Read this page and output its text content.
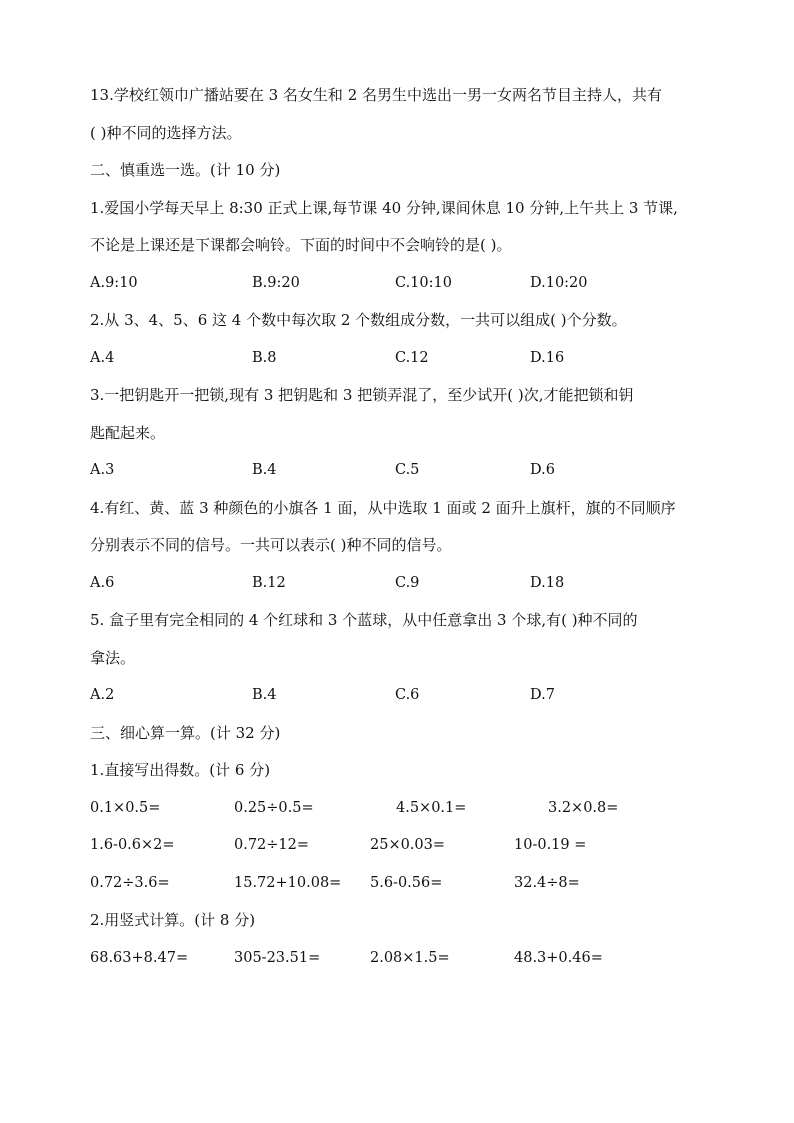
13.学校红领巾广播站要在 3 名女生和 2 名男生中选出一男一女两名节目主持人，共有
( )种不同的选择方法。
二、慎重选一选。(计 10 分)
1.爱国小学每天早上 8:30 正式上课,每节课 40 分钟,课间休息 10 分钟,上午共上 3 节课,
不论是上课还是下课都会响铃。下面的时间中不会响铃的是( )。
A.9:10	B.9:20	C.10:10	D.10:20
2.从 3、4、5、6 这 4 个数中每次取 2 个数组成分数，一共可以组成( )个分数。
A.4	B.8	C.12	D.16
3.一把钥匙开一把锁,现有 3 把钥匙和 3 把锁弄混了，至少试开( )次,才能把锁和钥
匙配起来。
A.3	B.4	C.5	D.6
4.有红、黄、蓝 3 种颜色的小旗各 1 面，从中选取 1 面或 2 面升上旗杆，旗的不同顺序
分别表示不同的信号。一共可以表示( )种不同的信号。
A.6	B.12	C.9	D.18
5. 盒子里有完全相同的 4 个红球和 3 个蓝球，从中任意拿出 3 个球,有( )种不同的
拿法。
A.2	B.4	C.6	D.7
三、细心算一算。(计 32 分)
1.直接写出得数。(计 6 分)
0.1×0.5=	0.25÷0.5=	4.5×0.1=	3.2×0.8=
1.6-0.6×2=	0.72÷12=	25×0.03=	10-0.19 =
0.72÷3.6=	15.72+10.08= 5.6-0.56=	32.4÷8=
2.用竖式计算。(计 8 分)
68.63+8.47=	305-23.51=	2.08×1.5=	48.3+0.46=
